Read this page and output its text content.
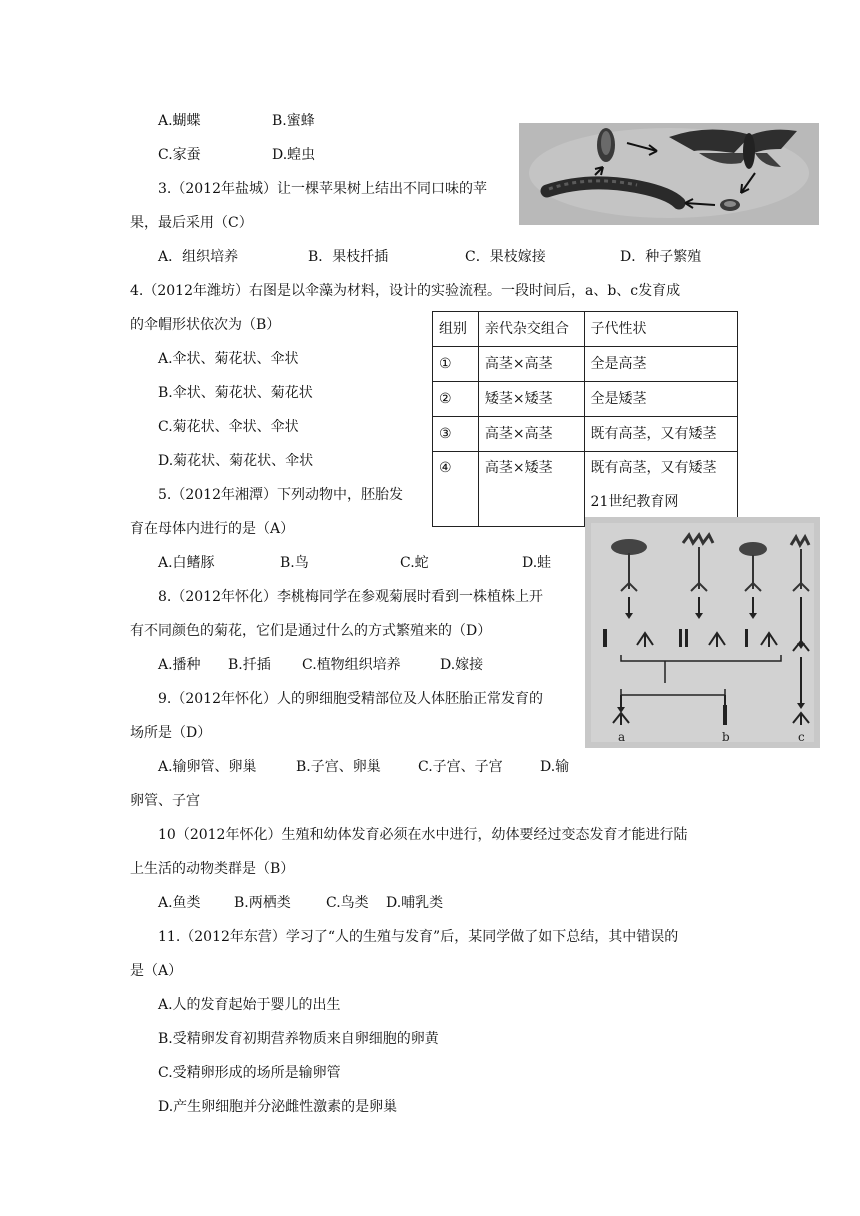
A.蝴蝶	B.蜜蜂
C.家蚕	D.蝗虫
3.（2012年盐城）让一棵苹果树上结出不同口味的苹
果，最后采用（C）
A．组织培养	B．果枝扦插	C．果枝嫁接	D．种子繁殖
4.（2012年潍坊）右图是以伞藻为材料，设计的实验流程。一段时间后，a、b、c发育成
的伞帽形状依次为（B）
A.伞状、菊花状、伞状
B.伞状、菊花状、菊花状
C.菊花状、伞状、伞状
D.菊花状、菊花状、伞状
组别	亲代杂交组合	子代性状
①	高茎×高茎	全是高茎
②	矮茎×矮茎	全是矮茎
③	高茎×高茎	既有高茎，又有矮茎
④	高茎×矮茎	既有高茎，又有矮茎
21世纪教育网
5.（2012年湘潭）下列动物中，胚胎发
育在母体内进行的是（A）
A.白鳍豚	B.鸟	C.蛇	D.蛙
a	b	c
8.（2012年怀化）李桃梅同学在参观菊展时看到一株植株上开
有不同颜色的菊花，它们是通过什么的方式繁殖来的（D）
A.播种 B.扦插 C.植物组织培养	D.嫁接
9.（2012年怀化）人的卵细胞受精部位及人体胚胎正常发育的
场所是（D）
A.输卵管、卵巢	B.子宫、卵巢	C.子宫、子宫	D.输
卵管、子宫
10（2012年怀化）生殖和幼体发育必须在水中进行，幼体要经过变态发育才能进行陆
上生活的动物类群是（B）
A.鱼类 B.两栖类	C.鸟类 D.哺乳类
11.（2012年东营）学习了“人的生殖与发育”后，某同学做了如下总结，其中错误的
是（A）
A.人的发育起始于婴儿的出生
B.受精卵发育初期营养物质来自卵细胞的卵黄
C.受精卵形成的场所是输卵管
D.产生卵细胞并分泌雌性激素的是卵巢
